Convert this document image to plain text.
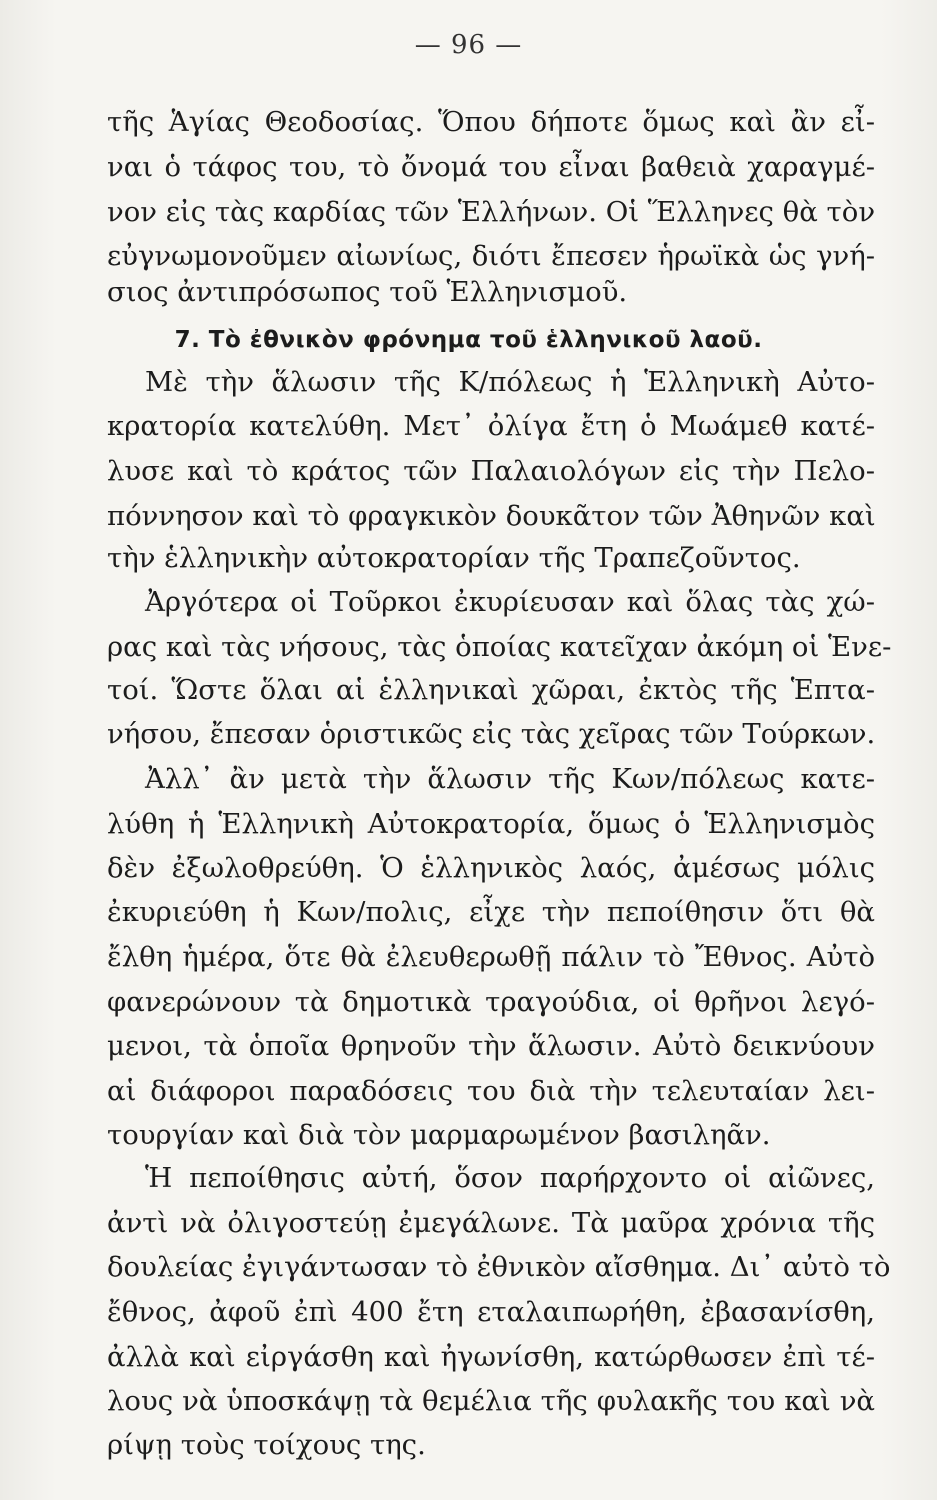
— 96 —
τῆς Ἁγίας Θεοδοσίας. Ὅπου δήποτε ὅμως καὶ ἂν εἶ-
ναι ὁ τάφος του, τὸ ὄνομά του εἶναι βαθειὰ χαραγμέ-
νον εἰς τὰς καρδίας τῶν Ἑλλήνων. Οἱ Ἕλληνες θὰ τὸν
εὐγνωμονοῦμεν αἰωνίως, διότι ἔπεσεν ἡρωϊκὰ ὡς γνή-
σιος ἀντιπρόσωπος τοῦ Ἑλληνισμοῦ.
7. Τὸ ἐθνικὸν φρόνημα τοῦ ἑλληνικοῦ λαοῦ.
Μὲ τὴν ἅλωσιν τῆς Κ/πόλεως ἡ Ἑλληνικὴ Αὐτο-
κρατορία κατελύθη. Μετ᾿ ὀλίγα ἔτη ὁ Μωάμεθ κατέ-
λυσε καὶ τὸ κράτος τῶν Παλαιολόγων εἰς τὴν Πελο-
πόννησον καὶ τὸ φραγκικὸν δουκᾶτον τῶν Ἀθηνῶν καὶ
τὴν ἑλληνικὴν αὐτοκρατορίαν τῆς Τραπεζοῦντος.
Ἀργότερα οἱ Τοῦρκοι ἐκυρίευσαν καὶ ὅλας τὰς χώ-
ρας καὶ τὰς νήσους, τὰς ὁποίας κατεῖχαν ἀκόμη οἱ Ἑνε-
τοί. Ὥστε ὅλαι αἱ ἑλληνικαὶ χῶραι, ἐκτὸς τῆς Ἑπτα-
νήσου, ἔπεσαν ὁριστικῶς εἰς τὰς χεῖρας τῶν Τούρκων.
Ἀλλ᾿ ἂν μετὰ τὴν ἅλωσιν τῆς Κων/πόλεως κατε-
λύθη ἡ Ἑλληνικὴ Αὐτοκρατορία, ὅμως ὁ Ἑλληνισμὸς
δὲν ἐξωλοθρεύθη. Ὁ ἑλληνικὸς λαός, ἀμέσως μόλις
ἐκυριεύθη ἡ Κων/πολις, εἶχε τὴν πεποίθησιν ὅτι θὰ
ἔλθη ἡμέρα, ὅτε θὰ ἐλευθερωθῇ πάλιν τὸ Ἔθνος. Αὐτὸ
φανερώνουν τὰ δημοτικὰ τραγούδια, οἱ θρῆνοι λεγό-
μενοι, τὰ ὁποῖα θρηνοῦν τὴν ἅλωσιν. Αὐτὸ δεικνύουν
αἱ διάφοροι παραδόσεις του διὰ τὴν τελευταίαν λει-
τουργίαν καὶ διὰ τὸν μαρμαρωμένον βασιληᾶν.
Ἡ πεποίθησις αὐτή, ὅσον παρήρχοντο οἱ αἰῶνες,
ἀντὶ νὰ ὀλιγοστεύῃ ἐμεγάλωνε. Τὰ μαῦρα χρόνια τῆς
δουλείας ἐγιγάντωσαν τὸ ἐθνικὸν αἴσθημα. Δι᾿ αὐτὸ τὸ
ἔθνος, ἀφοῦ ἐπὶ 400 ἔτη εταλαιπωρήθη, ἐβασανίσθη,
ἀλλὰ καὶ εἰργάσθη καὶ ἠγωνίσθη, κατώρθωσεν ἐπὶ τέ-
λους νὰ ὑποσκάψῃ τὰ θεμέλια τῆς φυλακῆς του καὶ νὰ
ρίψῃ τοὺς τοίχους της.
